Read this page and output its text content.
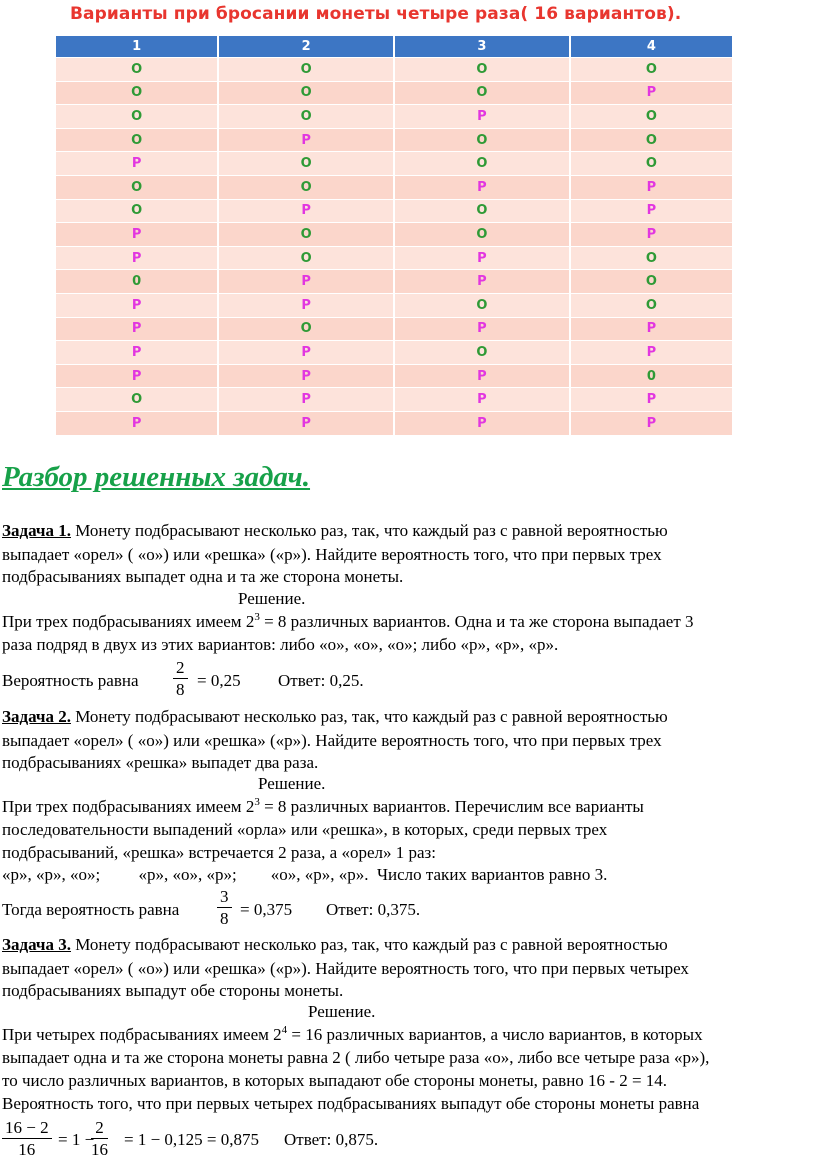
Варианты при бросании монеты четыре раза( 16 вариантов).
1	2	3	4
O	O	O	O
O	O	O	P
O	O	P	O
O	P	O	O
P	O	O	O
O	O	P	P
O	P	O	P
P	O	O	P
P	O	P	O
0	P	P	O
P	P	O	O
P	O	P	P
P	P	O	P
P	P	P	0
O	P	P	P
P	P	P	P
Разбор решенных задач.
Задача 1. Монету подбрасывают несколько раз, так, что каждый раз с равной вероятностью
выпадает «орел» ( «о») или «решка» («р»). Найдите вероятность того, что при первых трех
подбрасываниях выпадет одна и та же сторона монеты.
Решение.
При трех подбрасываниях имеем $2^3 = 8$ различных вариантов. Одна и та же сторона выпадает 3
раза подряд в двух из этих вариантов: либо «о», «о», «о»; либо «р», «р», «р».
Вероятность равна $\frac{2}{8} = 0,25$ Ответ: 0,25.
Задача 2. Монету подбрасывают несколько раз, так, что каждый раз с равной вероятностью
выпадает «орел» ( «о») или «решка» («р»). Найдите вероятность того, что при первых трех
подбрасываниях «решка» выпадет два раза.
Решение.
При трех подбрасываниях имеем $2^3 = 8$ различных вариантов. Перечислим все варианты
последовательности выпадений «орла» или «решка», в которых, среди первых трех
подбрасываний, «решка» встречается 2 раза, а «орел» 1 раз:
«р», «р», «о»;         «р», «о», «р»;        «о», «р», «р».  Число таких вариантов равно 3.
Тогда вероятность равна $\frac{3}{8} = 0,375$ Ответ: 0,375.
Задача 3. Монету подбрасывают несколько раз, так, что каждый раз с равной вероятностью
выпадает «орел» ( «о») или «решка» («р»). Найдите вероятность того, что при первых четырех
подбрасываниях выпадут обе стороны монеты.
Решение.
При четырех подбрасываниях имеем $2^4 = 16$ различных вариантов, а число вариантов, в которых
выпадает одна и та же сторона монеты равна 2 ( либо четыре раза «о», либо все четыре раза «р»),
то число различных вариантов, в которых выпадают обе стороны монеты, равно 16 - 2 = 14.
Вероятность того, что при первых четырех подбрасываниях выпадут обе стороны монеты равна
$\frac{16 - 2}{16} = 1$ −
$\frac{2}{16} = 1 - 0,125 = 0,875$ Ответ: 0,875.
